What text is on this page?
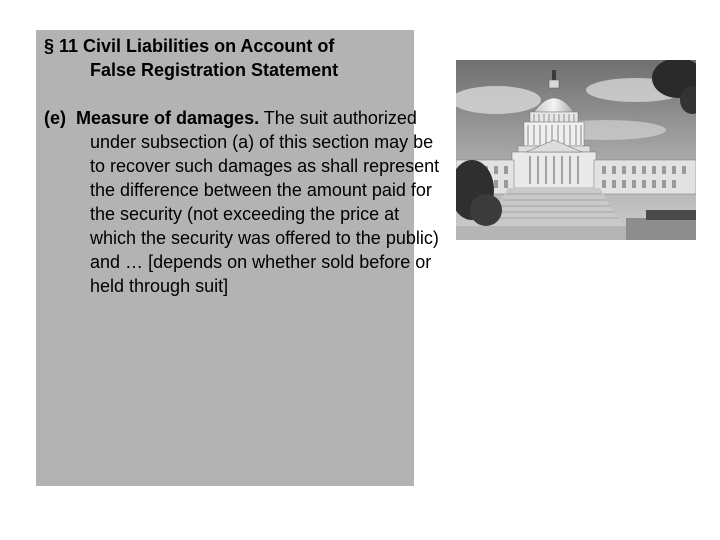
§ 11 Civil Liabilities on Account of
False Registration Statement

(e) Measure of damages. The suit authorized under subsection (a) of this section may be to recover such damages as shall represent the difference between the amount paid for the security (not exceeding the price at which the security was offered to the public) and … [depends on whether sold before or held through suit]
